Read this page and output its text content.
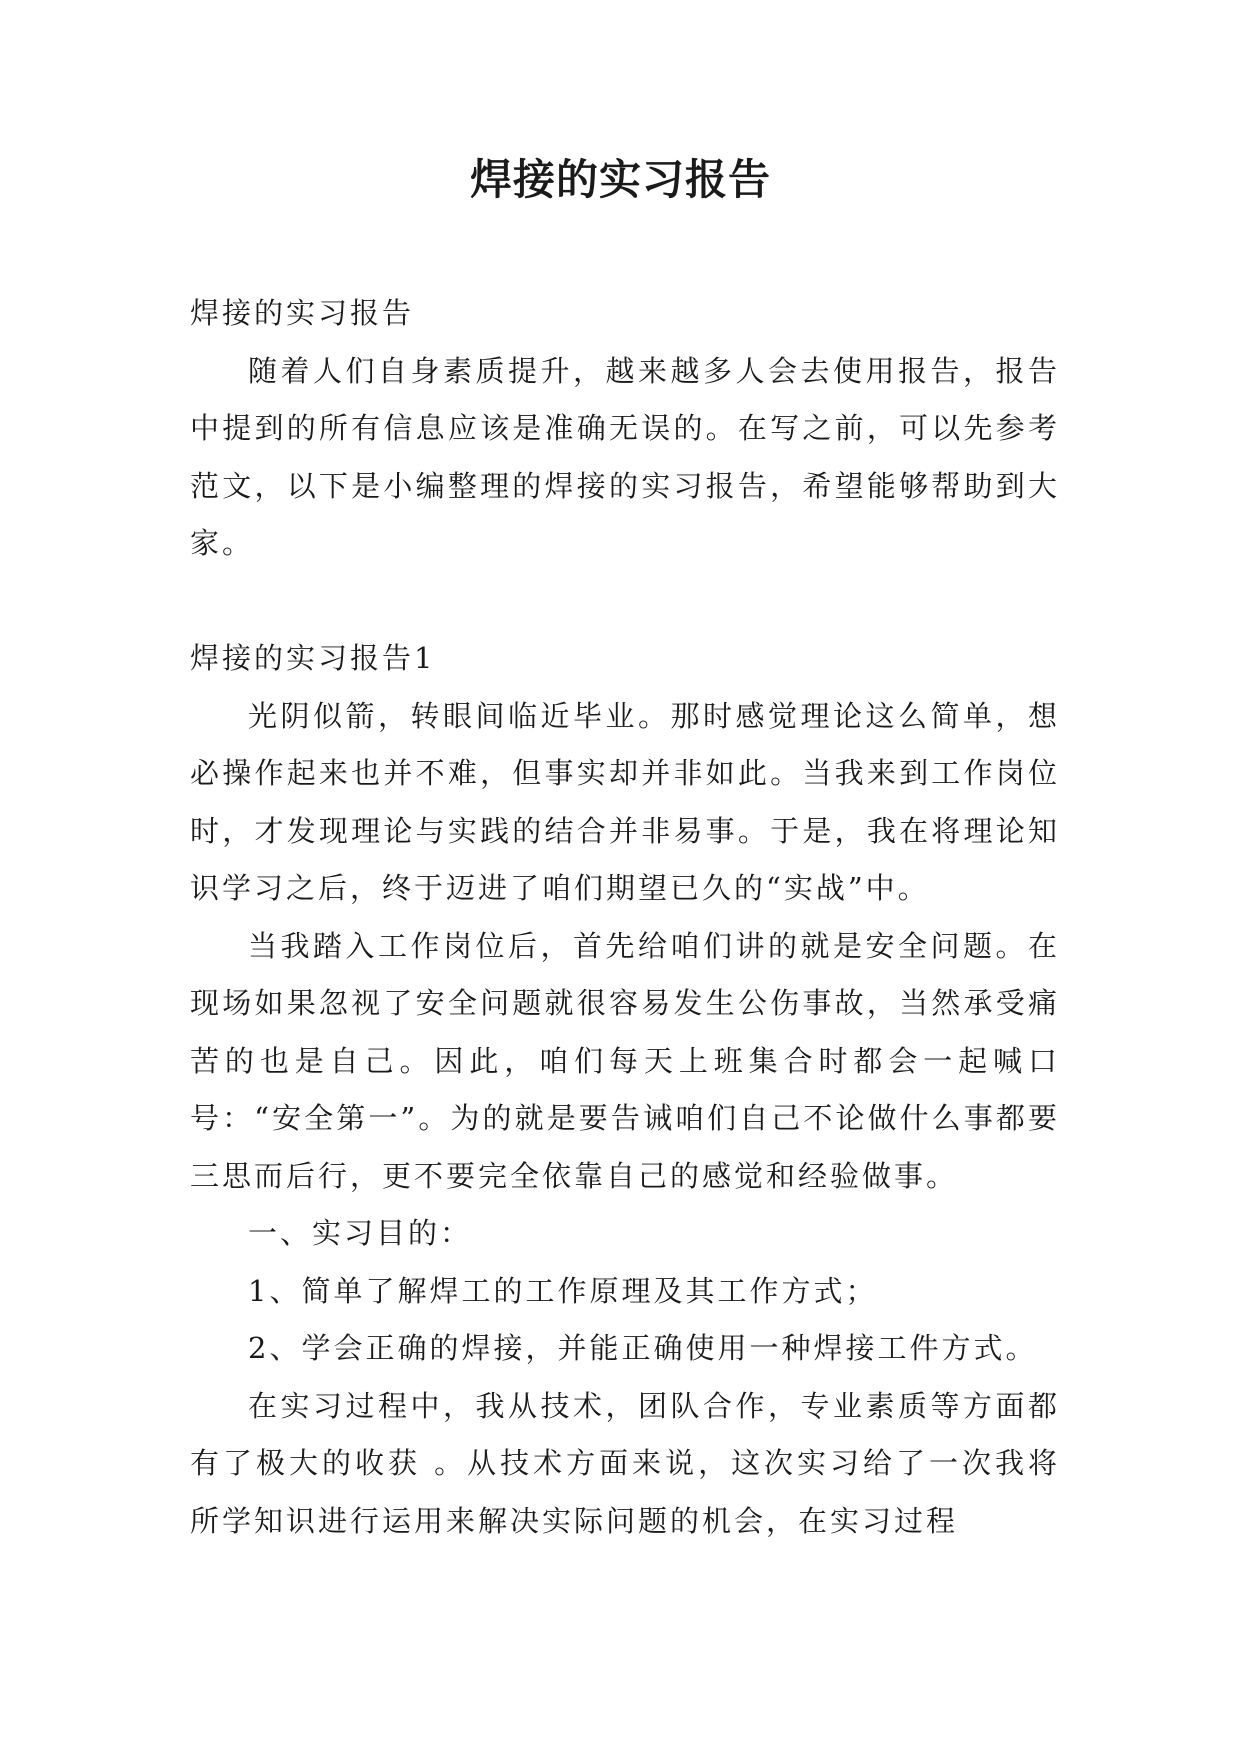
焊接的实习报告

焊接的实习报告

随着人们自身素质提升，越来越多人会去使用报告，报告中提到的所有信息应该是准确无误的。在写之前，可以先参考范文，以下是小编整理的焊接的实习报告，希望能够帮助到大家。

焊接的实习报告1

光阴似箭，转眼间临近毕业。那时感觉理论这么简单，想必操作起来也并不难，但事实却并非如此。当我来到工作岗位时，才发现理论与实践的结合并非易事。于是，我在将理论知识学习之后，终于迈进了咱们期望已久的“实战”中。

当我踏入工作岗位后，首先给咱们讲的就是安全问题。在现场如果忽视了安全问题就很容易发生公伤事故，当然承受痛苦的也是自己。因此，咱们每天上班集合时都会一起喊口号：“安全第一”。为的就是要告诫咱们自己不论做什么事都要三思而后行，更不要完全依靠自己的感觉和经验做事。

一、实习目的：

1、简单了解焊工的工作原理及其工作方式；

2、学会正确的焊接，并能正确使用一种焊接工件方式。

在实习过程中，我从技术，团队合作，专业素质等方面都有了极大的收获 。从技术方面来说，这次实习给了一次我将所学知识进行运用来解决实际问题的机会，在实习过程
